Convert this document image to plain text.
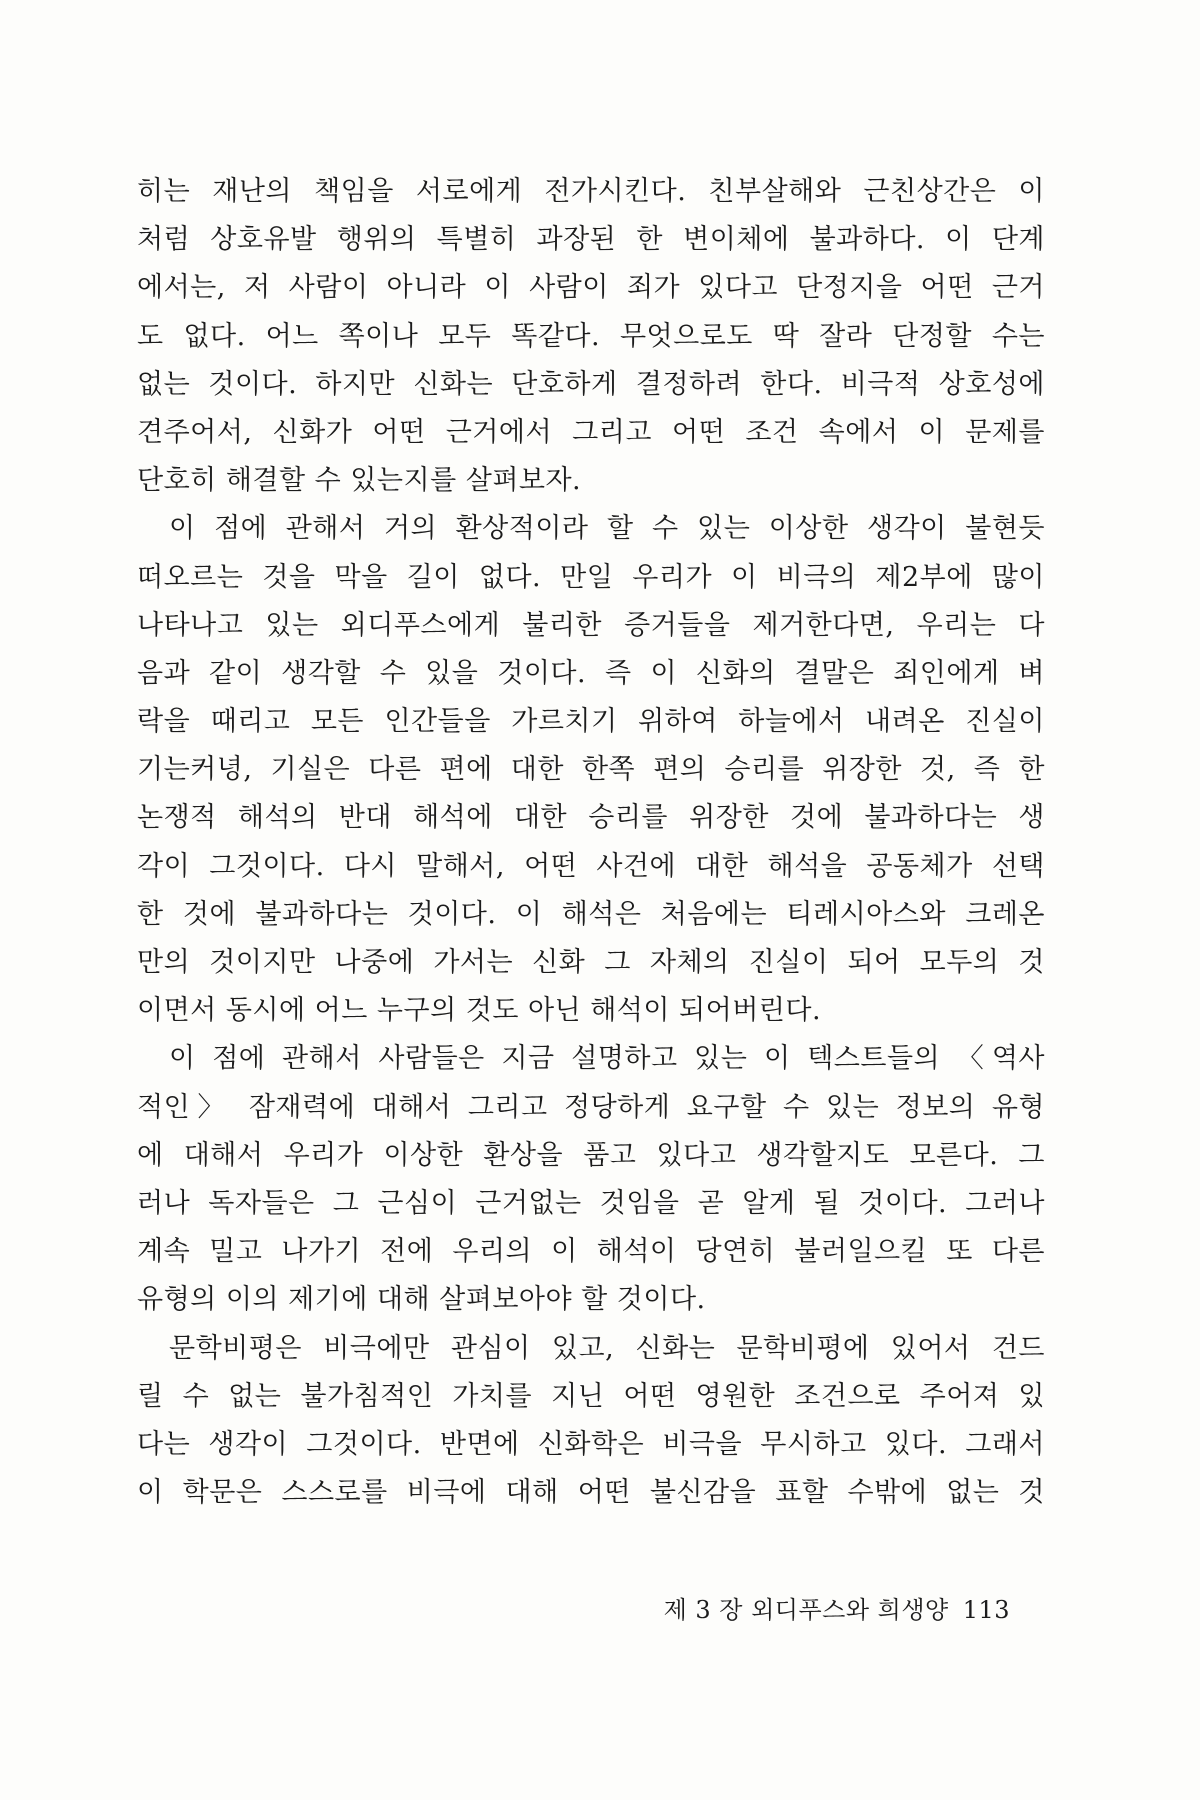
히는 재난의 책임을 서로에게 전가시킨다. 친부살해와 근친상간은 이
처럼 상호유발 행위의 특별히 과장된 한 변이체에 불과하다. 이 단계
에서는, 저 사람이 아니라 이 사람이 죄가 있다고 단정지을 어떤 근거
도 없다. 어느 쪽이나 모두 똑같다. 무엇으로도 딱 잘라 단정할 수는
없는 것이다. 하지만 신화는 단호하게 결정하려 한다. 비극적 상호성에
견주어서, 신화가 어떤 근거에서 그리고 어떤 조건 속에서 이 문제를
단호히 해결할 수 있는지를 살펴보자.
이 점에 관해서 거의 환상적이라 할 수 있는 이상한 생각이 불현듯
떠오르는 것을 막을 길이 없다. 만일 우리가 이 비극의 제2부에 많이
나타나고 있는 외디푸스에게 불리한 증거들을 제거한다면, 우리는 다
음과 같이 생각할 수 있을 것이다. 즉 이 신화의 결말은 죄인에게 벼
락을 때리고 모든 인간들을 가르치기 위하여 하늘에서 내려온 진실이
기는커녕, 기실은 다른 편에 대한 한쪽 편의 승리를 위장한 것, 즉 한
논쟁적 해석의 반대 해석에 대한 승리를 위장한 것에 불과하다는 생
각이 그것이다. 다시 말해서, 어떤 사건에 대한 해석을 공동체가 선택
한 것에 불과하다는 것이다. 이 해석은 처음에는 티레시아스와 크레온
만의 것이지만 나중에 가서는 신화 그 자체의 진실이 되어 모두의 것
이면서 동시에 어느 누구의 것도 아닌 해석이 되어버린다.
이 점에 관해서 사람들은 지금 설명하고 있는 이 텍스트들의 〈역사
적인〉 잠재력에 대해서 그리고 정당하게 요구할 수 있는 정보의 유형
에 대해서 우리가 이상한 환상을 품고 있다고 생각할지도 모른다. 그
러나 독자들은 그 근심이 근거없는 것임을 곧 알게 될 것이다. 그러나
계속 밀고 나가기 전에 우리의 이 해석이 당연히 불러일으킬 또 다른
유형의 이의 제기에 대해 살펴보아야 할 것이다.
문학비평은 비극에만 관심이 있고, 신화는 문학비평에 있어서 건드
릴 수 없는 불가침적인 가치를 지닌 어떤 영원한 조건으로 주어져 있
다는 생각이 그것이다. 반면에 신화학은 비극을 무시하고 있다. 그래서
이 학문은 스스로를 비극에 대해 어떤 불신감을 표할 수밖에 없는 것
제 3 장 외디푸스와 희생양 113
